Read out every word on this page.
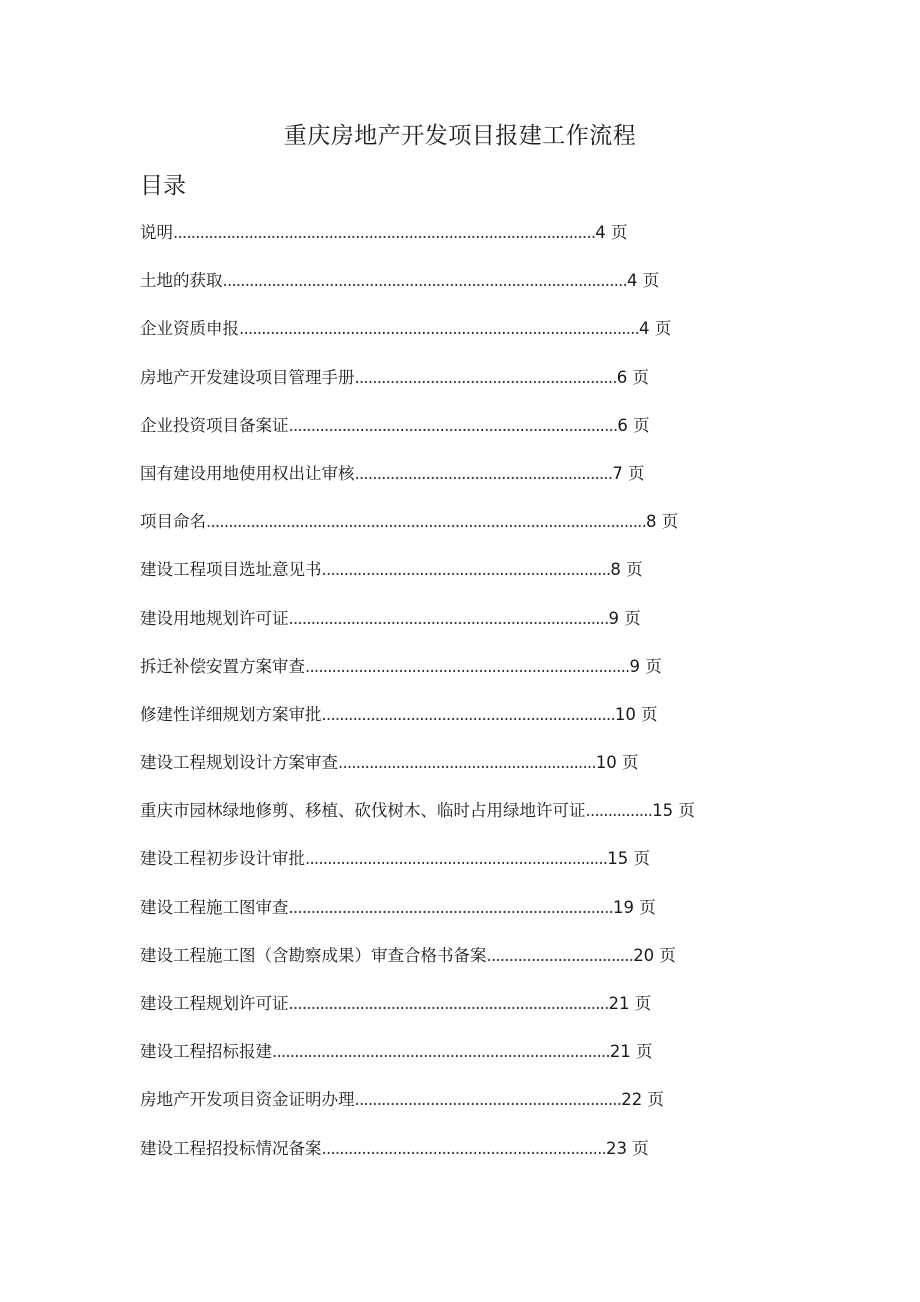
重庆房地产开发项目报建工作流程
目录
说明...............................................................................................4 页
土地的获取...........................................................................................4 页
企业资质申报..........................................................................................4 页
房地产开发建设项目管理手册...........................................................6 页
企业投资项目备案证..........................................................................6 页
国有建设用地使用权出让审核..........................................................7 页
项目命名...................................................................................................8 页
建设工程项目选址意见书.................................................................8 页
建设用地规划许可证........................................................................9 页
拆迁补偿安置方案审查.........................................................................9 页
修建性详细规划方案审批..................................................................10 页
建设工程规划设计方案审查..........................................................10 页
重庆市园林绿地修剪、移植、砍伐树木、临时占用绿地许可证...............15 页
建设工程初步设计审批....................................................................15 页
建设工程施工图审查.........................................................................19 页
建设工程施工图（含勘察成果）审查合格书备案.................................20 页
建设工程规划许可证........................................................................21 页
建设工程招标报建............................................................................21 页
房地产开发项目资金证明办理............................................................22 页
建设工程招投标情况备案................................................................23 页
